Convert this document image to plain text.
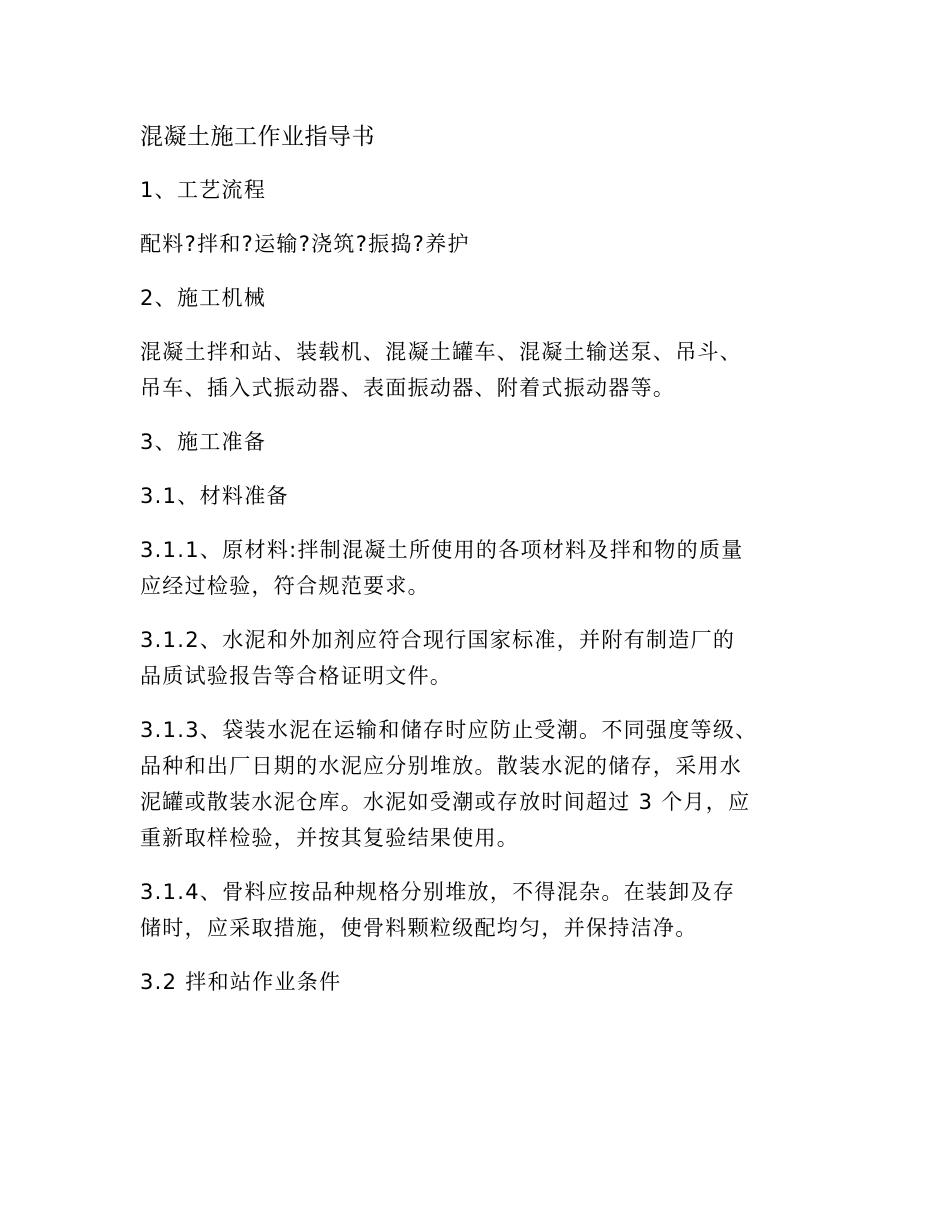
混凝土施工作业指导书
1、工艺流程
配料?拌和?运输?浇筑?振捣?养护
2、施工机械
混凝土拌和站、装载机、混凝土罐车、混凝土输送泵、吊斗、
吊车、插入式振动器、表面振动器、附着式振动器等。
3、施工准备
3.1、材料准备
3.1.1、原材料:拌制混凝土所使用的各项材料及拌和物的质量
应经过检验，符合规范要求。
3.1.2、水泥和外加剂应符合现行国家标准，并附有制造厂的
品质试验报告等合格证明文件。
3.1.3、袋装水泥在运输和储存时应防止受潮。不同强度等级、
品种和出厂日期的水泥应分别堆放。散装水泥的储存，采用水
泥罐或散装水泥仓库。水泥如受潮或存放时间超过 3 个月，应
重新取样检验，并按其复验结果使用。
3.1.4、骨料应按品种规格分别堆放，不得混杂。在装卸及存
储时，应采取措施，使骨料颗粒级配均匀，并保持洁净。
3.2 拌和站作业条件
